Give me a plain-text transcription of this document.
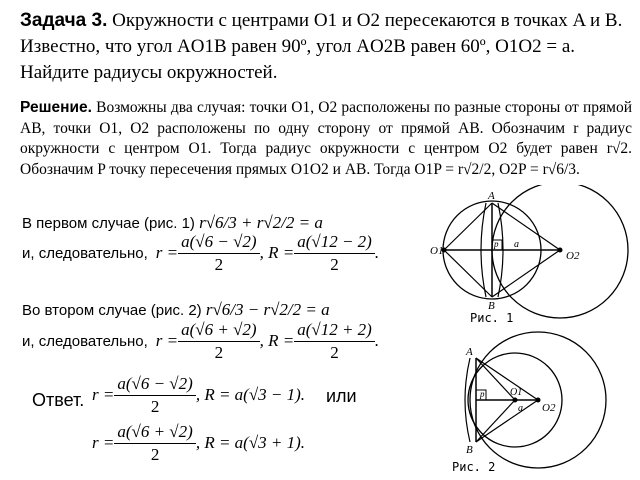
Задача 3. Окружности с центрами O1 и O2 пересекаются в точках A и B. Известно, что угол AO1B равен 90º, угол AO2B равен 60º, O1O2 = a. Найдите радиусы окружностей.
Решение. Возможны два случая: точки O1, O2 расположены по разные стороны от прямой AB, точки O1, O2 расположены по одну сторону от прямой AB. Обозначим r радиус окружности с центром O1. Тогда радиус окружности с центром O2 будет равен r√2. Обозначим P точку пересечения прямых O1O2 и AB. Тогда O1P = r√2/2, O2P = r√6/3.
В первом случае (рис. 1) r√6/3 + r√2/2 = a
и, следовательно, $r = \frac{a(√6 - √2)}{2}$ , $R = \frac{a(√12 - 2)}{2}$ .
Во втором случае (рис. 2) r√6/3 − r√2/2 = a
и, следовательно, $r = \frac{a(√6 + √2)}{2}$ , $R = \frac{a(√12 + 2)}{2}$ .
Ответ. $r = \frac{a(√6 - √2)}{2}$ , R = a(√3 − 1). или
$r = \frac{a(√6 + √2)}{2}$ , R = a(√3 + 1).
A
B
O1	O2
p a
Рис. 1
A
B
O1
O2
p
a
Рис. 2
